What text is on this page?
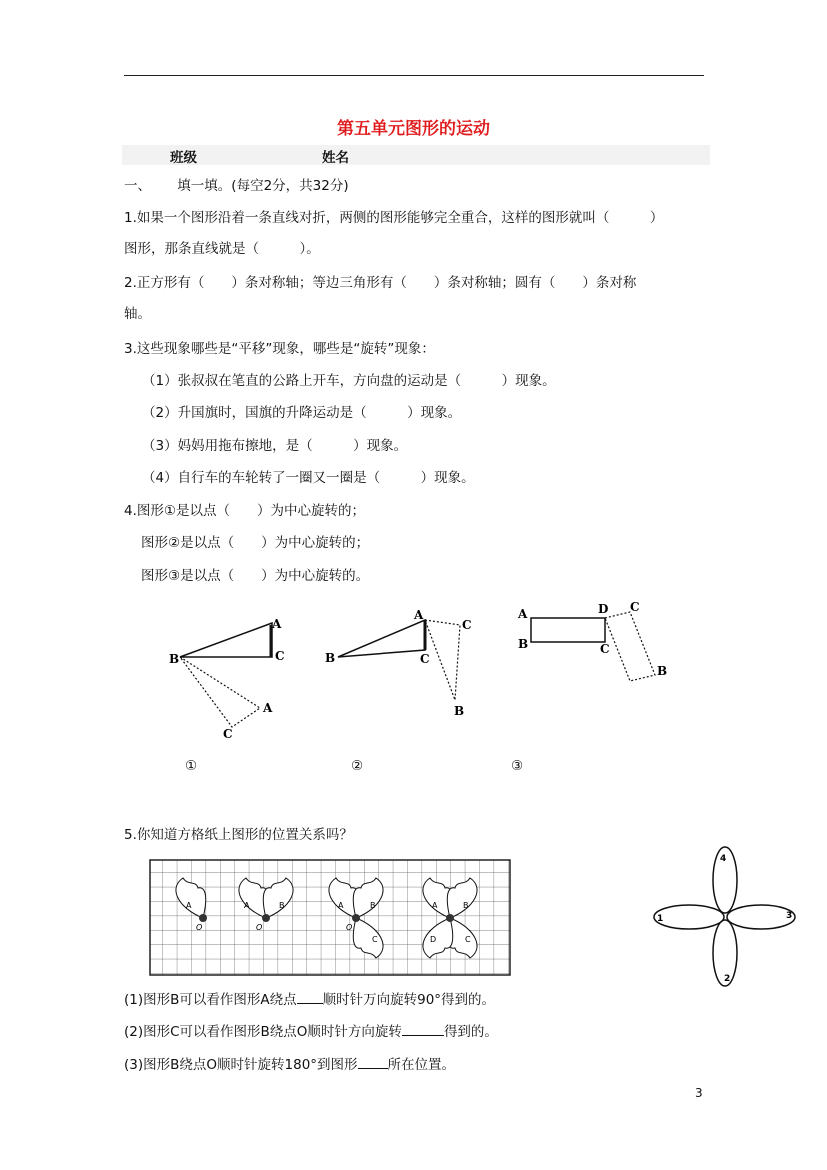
第五单元图形的运动
班级	姓名
一、 填一填。(每空2分，共32分)
1.如果一个图形沿着一条直线对折，两侧的图形能够完全重合，这样的图形就叫（　　　）
图形，那条直线就是（　　　）。
2.正方形有（　　）条对称轴；等边三角形有（　　）条对称轴；圆有（　　）条对称
轴。
3.这些现象哪些是“平移”现象，哪些是“旋转”现象：
（1）张叔叔在笔直的公路上开车，方向盘的运动是（　　　）现象。
（2）升国旗时，国旗的升降运动是（　　　）现象。
（3）妈妈用拖布擦地，是（　　　）现象。
（4）自行车的车轮转了一圈又一圈是（　　　）现象。
4.图形①是以点（　　）为中心旋转的；
图形②是以点（　　）为中心旋转的；
图形③是以点（　　）为中心旋转的。
A
C
B
A
C
A
C
B
C
B
A
B
D
C
C
B
①	②	③
5.你知道方格纸上图形的位置关系吗？
A
O
A	B
O
A	B
C
O
A	B
C
D
4
1	3
2
(1)图形B可以看作图形A绕点 顺时针万向旋转90°得到的。
(2)图形C可以看作图形B绕点O顺时针方向旋转	得到的。
(3)图形B绕点O顺时针旋转180°到图形 所在位置。
3
